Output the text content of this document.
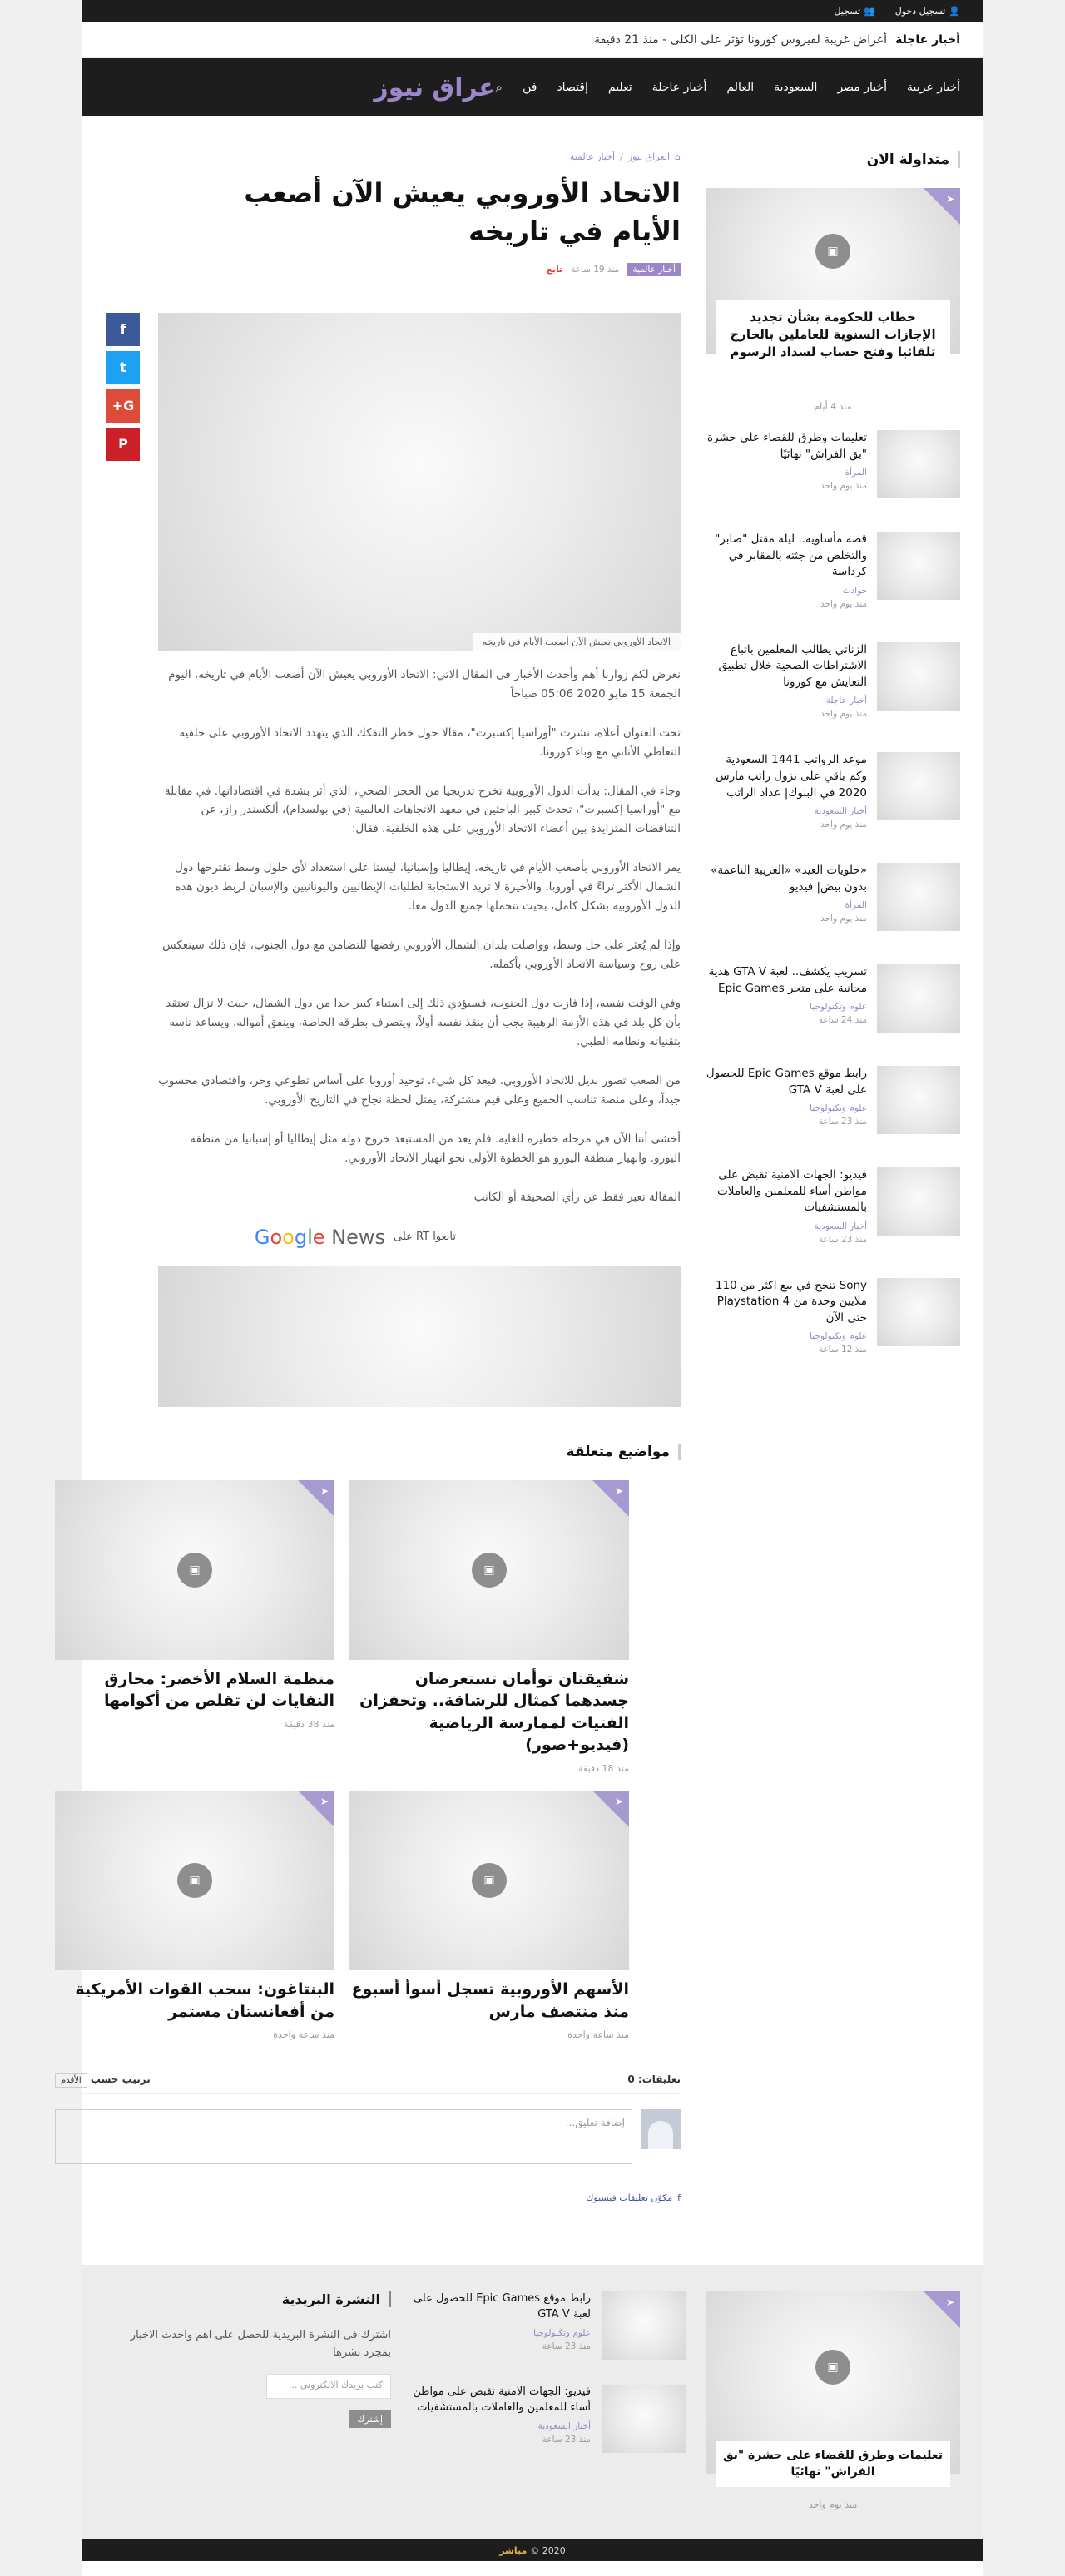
👤
تسجيل دخول
👥
تسجيل
أخبار عاجلة
أعراض غريبة لفيروس كورونا تؤثر على الكلى - منذ 21 دقيقة
عراق نيوز	أخبار عربية
أخبار مصر
السعودية
العالم
أخبار عاجلة
تعليم
إقتصاد
فن
⌕
متداولة الان
➤
▣
خطاب للحكومة بشأن تجديد الإجازات السنوية للعاملين بالخارج تلقائيا وفتح حساب لسداد الرسوم
منذ 4 أيام
تعليمات وطرق للقضاء على حشرة "بق الفراش" نهائيًا
المرأة
منذ يوم واحد
قصة مأساوية.. ليلة مقتل "صابر" والتخلص من جثته بالمقابر في كرداسة
حوادث
منذ يوم واحد
الزناتي يطالب المعلمين باتباع الاشتراطات الصحية خلال تطبيق التعايش مع كورونا
أخبار عاجلة
منذ يوم واحد
موعد الرواتب 1441 السعودية وكم باقي على نزول راتب مارس 2020 في البنوك| عداد الراتب
أخبار السعودية
منذ يوم واحد
«حلويات العيد» «الغريبة الناعمة» بدون بيض| فيديو
المرأة
منذ يوم واحد
تسريب يكشف.. لعبة GTA V هدية مجانية على متجر Epic Games
علوم وتكنولوجيا
منذ 24 ساعة
رابط موقع Epic Games للحصول على لعبة GTA V
علوم وتكنولوجيا
منذ 23 ساعة
فيديو: الجهات الامنية تقبض على مواطن أساء للمعلمين والعاملات بالمستشفيات
أخبار السعودية
منذ 23 ساعة
Sony تنجح في بيع اكثر من 110 ملايين وحدة من Playstation 4 حتى الآن
علوم وتكنولوجيا
منذ 12 ساعة
⌂
العراق نيوز
/
أخبار عالمية
الاتحاد الأوروبي يعيش الآن أصعب الأيام في تاريخه
أخبار عالمية
منذ 19 ساعة
تابع
f
t
G+
P
الاتحاد الأوروبي يعيش الآن أصعب الأيام في تاريخه

نعرض لكم زوارنا أهم وأحدث الأخبار فى المقال الاتي: الاتحاد الأوروبي يعيش الآن أصعب الأيام في تاريخه، اليوم الجمعة 15 مايو 2020 05:06 صباحاً

تحت العنوان أعلاه، نشرت "أوراسيا إكسبرت"، مقالا حول خطر التفكك الذي يتهدد الاتحاد الأوروبي على خلفية التعاطي الأناني مع وباء كورونا.

وجاء في المقال: بدأت الدول الأوروبية تخرج تدريجيا من الحجر الصحي، الذي أثر بشدة في اقتصاداتها. في مقابلة مع "أوراسيا إكسبرت"، تحدث كبير الباحثين في معهد الاتجاهات العالمية (في بولسدام)، ألكسندر راز، عن التناقضات المتزايدة بين أعضاء الاتحاد الأوروبي على هذه الخلفية. فقال:

يمر الاتحاد الأوروبي بأصعب الأيام في تاريخه. إيطاليا وإسبانيا، ليستا على استعداد لأي حلول وسط تقترحها دول الشمال الأكثر ثراءً في أوروبا. والأخيرة لا تريد الاستجابة لطلبات الإيطاليين واليونانيين والإسبان لربط ديون هذه الدول الأوروبية بشكل كامل، بحيث تتحملها جميع الدول معا.

وإذا لم يُعثر على حل وسط، وواصلت بلدان الشمال الأوروبي رفضها للتضامن مع دول الجنوب، فإن ذلك سينعكس على روح وسياسة الاتحاد الأوروبي بأكمله.

وفي الوقت نفسه، إذا فازت دول الجنوب، فسيؤدي ذلك إلى استياء كبير جدا من دول الشمال، حيث لا تزال تعتقد بأن كل بلد في هذه الأزمة الرهيبة يجب أن ينقذ نفسه أولاً، ويتصرف بطرقه الخاصة، وينفق أمواله، ويساعد ناسه بتقنياته ونظامه الطبي.

من الصعب تصور بديل للاتحاد الأوروبي. فبعد كل شيء، توحيد أوروبا على أساس تطوعي وحر، واقتصادي محسوب جيداً، وعلى منصة تناسب الجميع وعلى قيم مشتركة، يمثل لحظة نجاح في التاريخ الأوروبي.

أخشى أننا الآن في مرحلة خطيرة للغاية. فلم يعد من المستبعد خروج دولة مثل إيطاليا أو إسبانيا من منطقة اليورو. وانهيار منطقة اليورو هو الخطوة الأولى نحو انهيار الاتحاد الأوروبي.

المقالة تعبر فقط عن رأي الصحيفة أو الكاتب

تابعوا RT على
Google News
مواضيع متعلقة
➤
▣
شقيقتان توأمان تستعرضان جسدهما كمثال للرشاقة.. وتحفزان الفتيات لممارسة الرياضية (فيديو+صور)
منذ 18 دقيقة
➤
▣
منظمة السلام الأخضر: محارق النفايات لن تقلص من أكوامها
منذ 38 دقيقة
➤
▣
الأسهم الأوروبية تسجل أسوأ أسبوع منذ منتصف مارس
منذ ساعة واحدة
➤
▣
البنتاغون: سحب القوات الأمريكية من أفغانستان مستمر
منذ ساعة واحدة
تعليقات: 0
ترتيب حسب الأقدم
إضافة تعليق...
f
مكوّن تعليقات فيسبوك
➤
▣
تعليمات وطرق للقضاء على حشرة "بق الفراش" نهائيًا
منذ يوم واحد
رابط موقع Epic Games للحصول على لعبة GTA V
علوم وتكنولوجيا
منذ 23 ساعة
فيديو: الجهات الامنية تقبض على مواطن أساء للمعلمين والعاملات بالمستشفيات
أخبار السعودية
منذ 23 ساعة
النشرة البريدية

اشترك فى النشرة البريدية للحصل على اهم واحدث الاخبار بمجرد نشرها

اكتب بريدك الالكتروني ...
إشترك
2020 ©
مباشر
